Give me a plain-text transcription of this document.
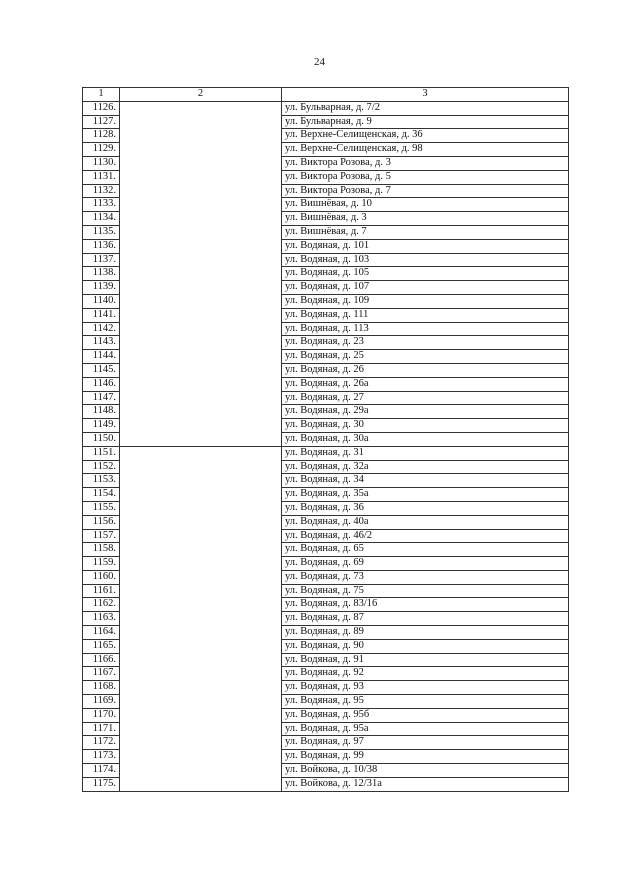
24
1	2	3
1126.		ул. Бульварная, д. 7/2
1127.		ул. Бульварная, д. 9
1128.		ул. Верхне-Селищенская, д. 36
1129.		ул. Верхне-Селищенская, д. 98
1130.		ул. Виктора Розова, д. 3
1131.		ул. Виктора Розова, д. 5
1132.		ул. Виктора Розова, д. 7
1133.		ул. Вишнёвая, д. 10
1134.		ул. Вишнёвая, д. 3
1135.		ул. Вишнёвая, д. 7
1136.		ул. Водяная, д. 101
1137.		ул. Водяная, д. 103
1138.		ул. Водяная, д. 105
1139.		ул. Водяная, д. 107
1140.		ул. Водяная, д. 109
1141.		ул. Водяная, д. 111
1142.		ул. Водяная, д. 113
1143.		ул. Водяная, д. 23
1144.		ул. Водяная, д. 25
1145.		ул. Водяная, д. 26
1146.		ул. Водяная, д. 26а
1147.		ул. Водяная, д. 27
1148.		ул. Водяная, д. 29а
1149.		ул. Водяная, д. 30
1150.		ул. Водяная, д. 30а
1151.		ул. Водяная, д. 31
1152.		ул. Водяная, д. 32а
1153.		ул. Водяная, д. 34
1154.		ул. Водяная, д. 35а
1155.		ул. Водяная, д. 36
1156.		ул. Водяная, д. 40а
1157.		ул. Водяная, д. 46/2
1158.		ул. Водяная, д. 65
1159.		ул. Водяная, д. 69
1160.		ул. Водяная, д. 73
1161.		ул. Водяная, д. 75
1162.		ул. Водяная, д. 83/16
1163.		ул. Водяная, д. 87
1164.		ул. Водяная, д. 89
1165.		ул. Водяная, д. 90
1166.		ул. Водяная, д. 91
1167.		ул. Водяная, д. 92
1168.		ул. Водяная, д. 93
1169.		ул. Водяная, д. 95
1170.		ул. Водяная, д. 95б
1171.		ул. Водяная, д. 95а
1172.		ул. Водяная, д. 97
1173.		ул. Водяная, д. 99
1174.		ул. Войкова, д. 10/38
1175.		ул. Войкова, д. 12/31а
